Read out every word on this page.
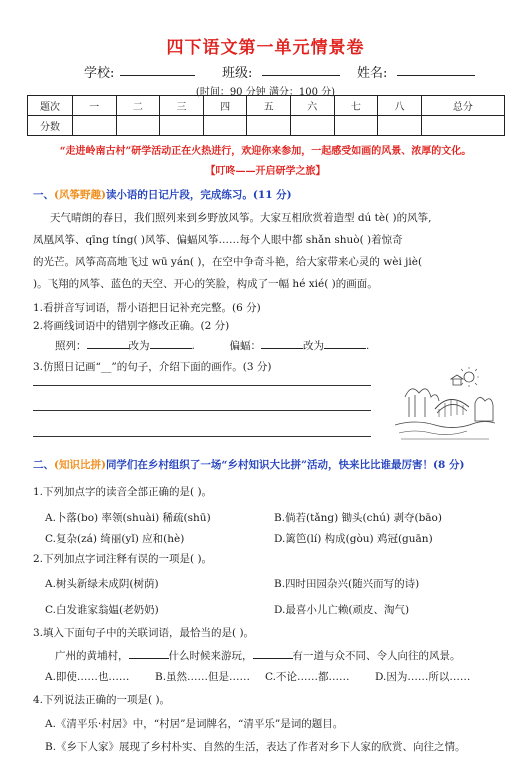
四下语文第一单元情景卷
学校:	班级:	姓名:
(时间：90 分钟 满分：100 分)
题次	一	二	三	四	五	六	七	八	总分
分数									
“走进岭南古村”研学活动正在火热进行，欢迎你来参加，一起感受如画的风景、浓厚的文化。
【叮咚——开启研学之旅】
一、(风筝野趣)读小语的日记片段，完成练习。(11 分)
天气晴朗的春日，我们照列来到乡野放风筝。大家互相欣赏着造型 dú tè( )的风筝,
凤凰风筝、qīng tíng( )风筝、偏蝠风筝……每个人眼中都 shǎn shuò( )着惊奇
的光芒。风筝高高地飞过 wū yán( )，在空中争奇斗艳，给大家带来心灵的 wèi jiè(
)。飞翔的风筝、蓝色的天空、开心的笑脸，构成了一幅 hé xié( )的画面。
1.看拼音写词语，帮小语把日记补充完整。(6 分)
2.将画线词语中的错别字修改正确。(2 分)
照列：	改为	.	偏蝠：	改为	.
3.仿照日记画“__”的句子，介绍下面的画作。(3 分)
二、(知识比拼)同学们在乡村组织了一场“乡村知识大比拼”活动，快来比比谁最厉害！(8 分)
1.下列加点字的读音全部正确的是( )。
A.卜落(bo) 率领(shuài) 稀疏(shū)	B.倘若(tǎng) 锄头(chú) 剥夺(bāo)
C.复杂(zá) 绮丽(yǐ) 应和(hè)	D.篱笆(lí) 构成(gòu) 鸡冠(guān)
2.下列加点字词注释有误的一项是( )。
A.树头新绿未成阴(树荫)	B.四时田园杂兴(随兴而写的诗)
C.白发谁家翁媪(老奶奶)	D.最喜小儿亡赖(顽皮、淘气)
3.填入下面句子中的关联词语，最恰当的是( )。
广州的黄埔村，	什么时候来游玩，	有一道与众不同、令人向往的风景。
A.即使……也…… B.虽然……但是…… C.不论……都…… D.因为……所以……
4.下列说法正确的一项是( )。
A.《清平乐·村居》中，“村居”是词牌名，“清平乐”是词的题目。
B.《乡下人家》展现了乡村朴实、自然的生活，表达了作者对乡下人家的欣赏、向往之情。
